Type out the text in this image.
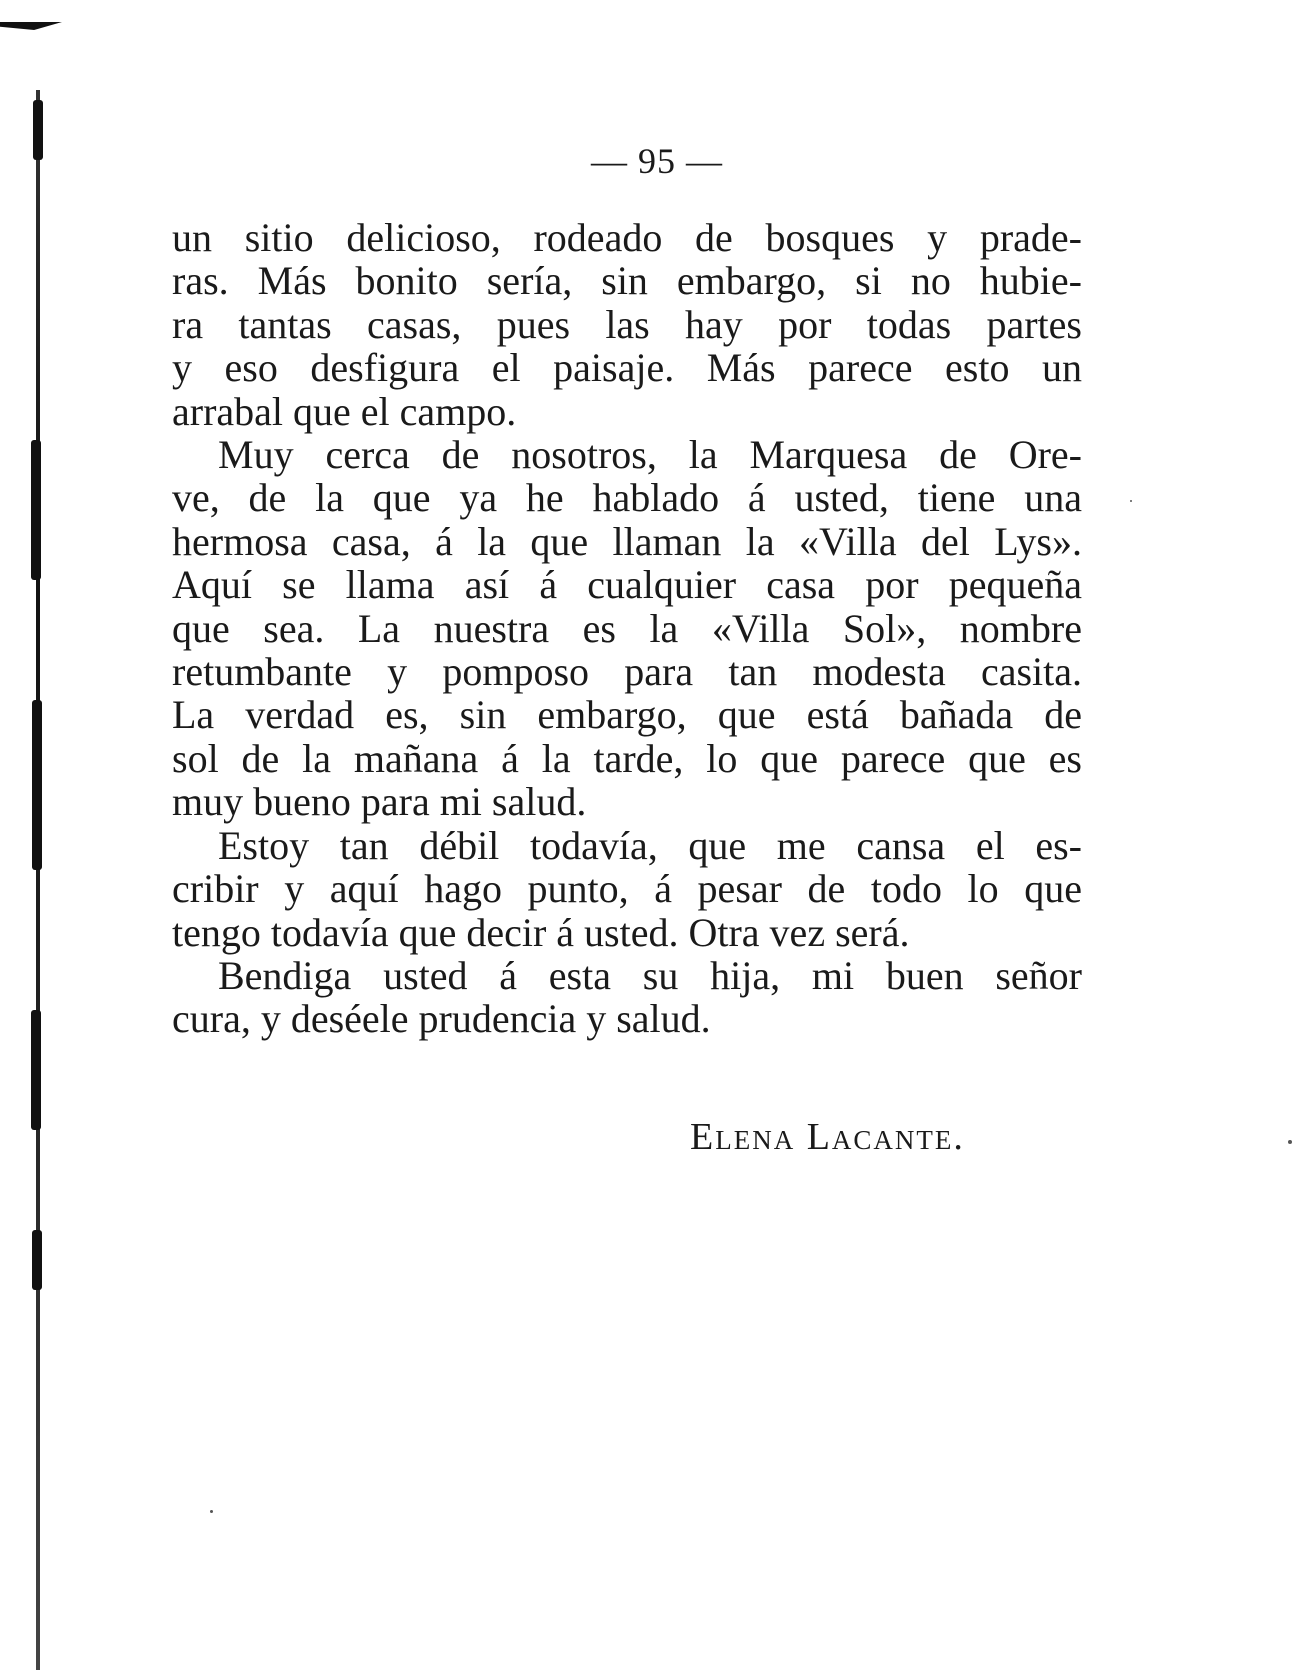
— 95 —
un sitio delicioso, rodeado de bosques y prade-
ras. Más bonito sería, sin embargo, si no hubie-
ra tantas casas, pues las hay por todas partes
y eso desfigura el paisaje. Más parece esto un
arrabal que el campo.
Muy cerca de nosotros, la Marquesa de Ore-
ve, de la que ya he hablado á usted, tiene una
hermosa casa, á la que llaman la «Villa del Lys».
Aquí se llama así á cualquier casa por pequeña
que sea. La nuestra es la «Villa Sol», nombre
retumbante y pomposo para tan modesta casita.
La verdad es, sin embargo, que está bañada de
sol de la mañana á la tarde, lo que parece que es
muy bueno para mi salud.
Estoy tan débil todavía, que me cansa el es-
cribir y aquí hago punto, á pesar de todo lo que
tengo todavía que decir á usted. Otra vez será.
Bendiga usted á esta su hija, mi buen señor
cura, y deséele prudencia y salud.
Elena Lacante.
